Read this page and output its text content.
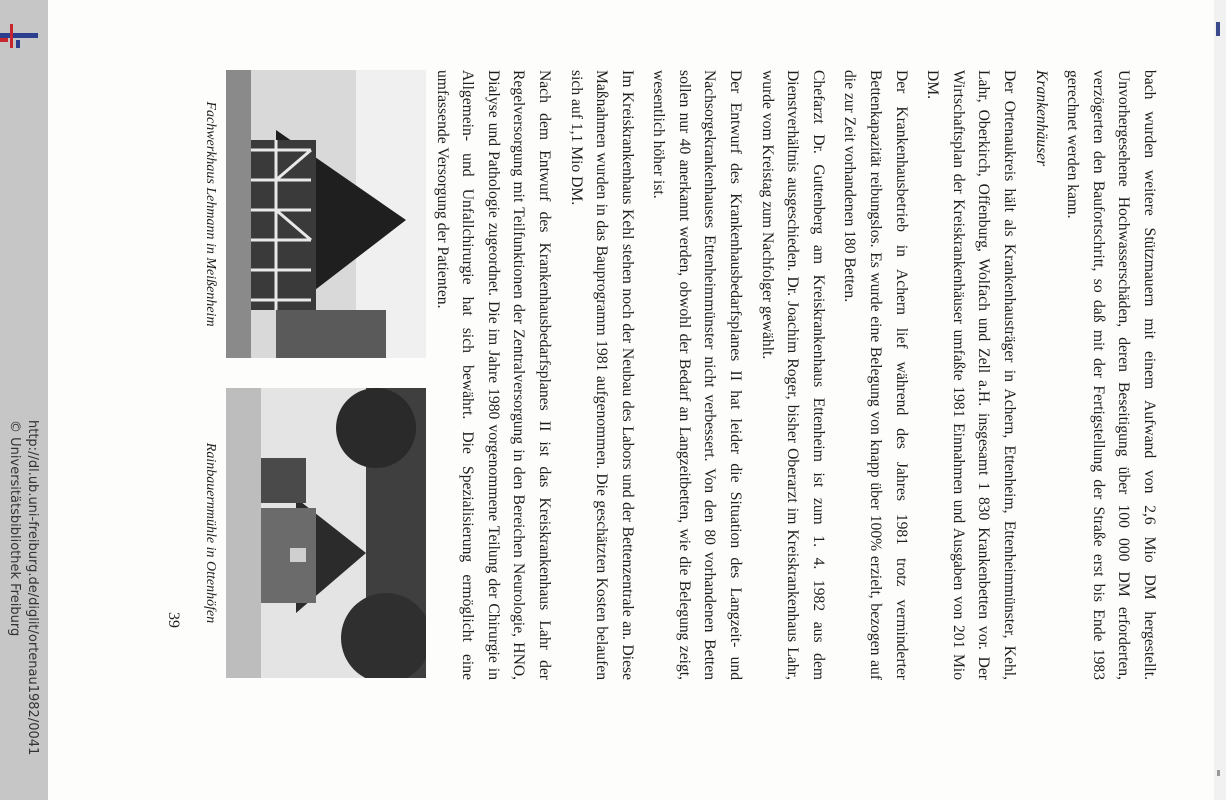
bach wurden weitere Stützmauern mit einem Aufwand von 2,6 Mio DM hergestellt. Unvorhergesehene Hochwasserschäden, deren Beseitigung über 100 000 DM erforderten, verzögerten den Baufortschritt, so daß mit der Fertigstellung der Straße erst bis Ende 1983 gerechnet werden kann.

Krankenhäuser

Der Ortenaukreis hält als Krankenhausträger in Achern, Ettenheim, Ettenheimmünster, Kehl, Lahr, Oberkirch, Offenburg, Wolfach und Zell a.H. insgesamt 1 830 Krankenbetten vor. Der Wirtschaftsplan der Kreiskrankenhäuser umfaßte 1981 Einnahmen und Ausgaben von 201 Mio DM.

Der Krankenhausbetrieb in Achern lief während des Jahres 1981 trotz verminderter Bettenkapazität reibungslos. Es wurde eine Belegung von knapp über 100% erzielt, bezogen auf die zur Zeit vorhandenen 180 Betten.

Chefarzt Dr. Guttenberg am Kreiskrankenhaus Ettenheim ist zum 1. 4. 1982 aus dem Dienstverhältnis ausgeschieden. Dr. Joachim Roger, bisher Oberarzt im Kreiskrankenhaus Lahr, wurde vom Kreistag zum Nachfolger gewählt.

Der Entwurf des Krankenhausbedarfsplanes II hat leider die Situation des Langzeit- und Nachsorgekrankenhauses Ettenheimmünster nicht verbessert. Von den 80 vorhandenen Betten sollen nur 40 anerkannt werden, obwohl der Bedarf an Langzeitbetten, wie die Belegung zeigt, wesentlich höher ist.

Im Kreiskrankenhaus Kehl stehen noch der Neubau des Labors und der Bettenzentrale an. Diese Maßnahmen wurden in das Bauprogramm 1981 aufgenommen. Die geschätzten Kosten belaufen sich auf 1,1 Mio DM.

Nach dem Entwurf des Krankenhausbedarfsplanes II ist das Kreiskrankenhaus Lahr der Regelversorgung mit Teilfunktionen der Zentralversorgung in den Bereichen Neurologie, HNO, Dialyse und Pathologie zugeordnet. Die im Jahre 1980 vorgenommene Teilung der Chirurgie in Allgemein- und Unfallchirurgie hat sich bewährt. Die Spezialisierung ermöglicht eine umfassende Versorgung der Patienten.

Fachwerkhaus Lehmann in Meißenheim
Rainbauernmühle in Ottenhöfen
39
http://dl.ub.uni-freiburg.de/diglit/ortenau1982/0041
© Universitätsbibliothek Freiburg
